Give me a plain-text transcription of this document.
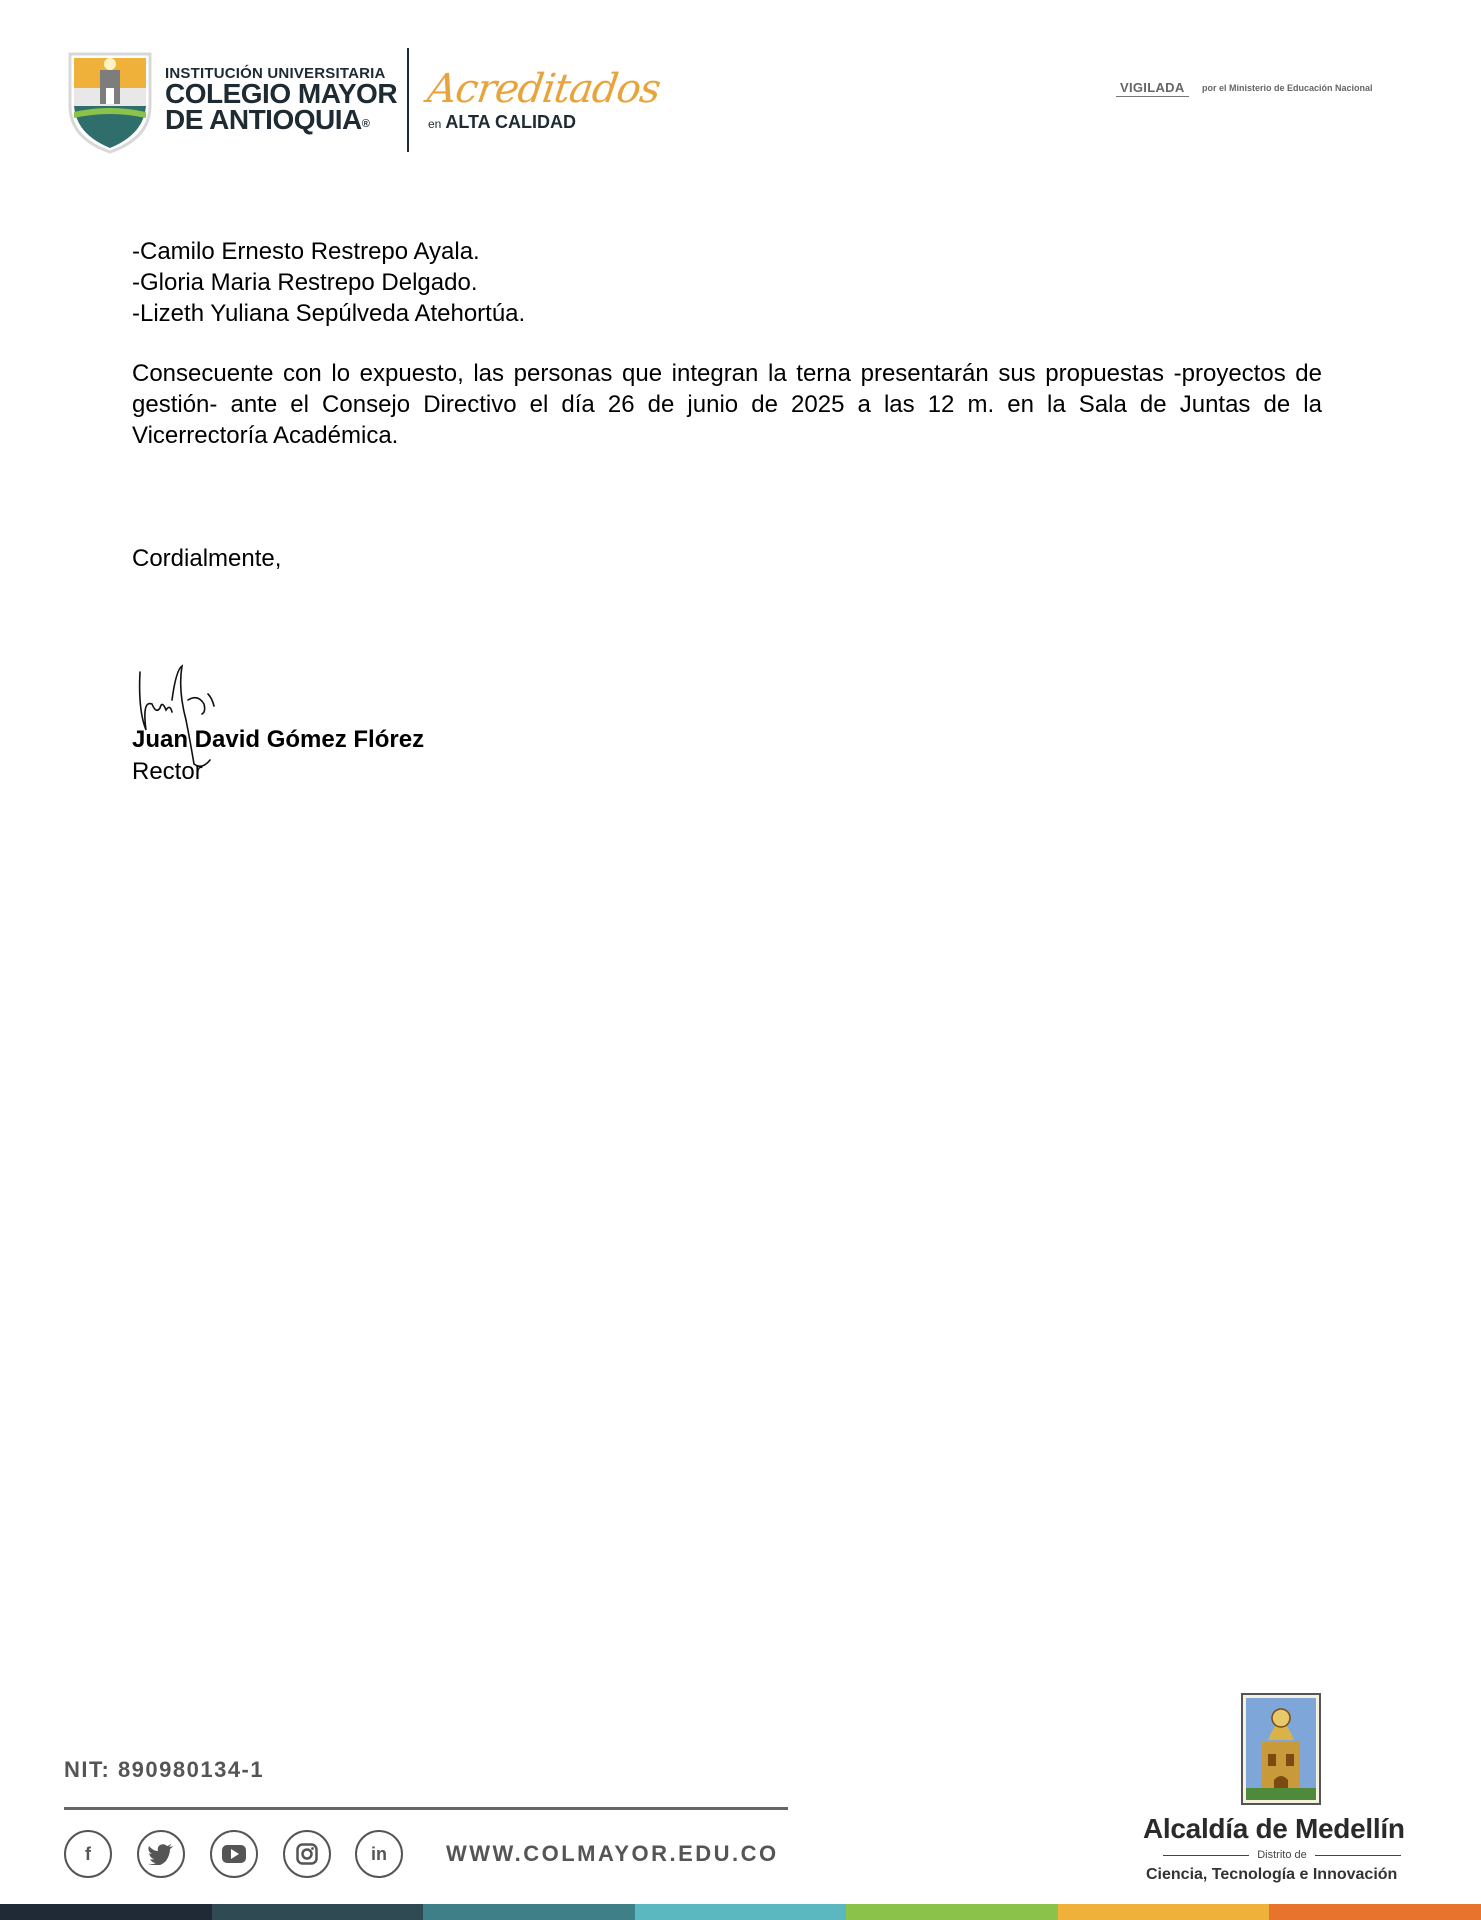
INSTITUCIÓN UNIVERSITARIA
COLEGIO MAYOR
DE ANTIOQUIA®
Acreditados
en ALTA CALIDAD
VIGILADA	por el Ministerio de Educación Nacional
-Camilo Ernesto Restrepo Ayala.
-Gloria Maria Restrepo Delgado.
-Lizeth Yuliana Sepúlveda Atehortúa.
Consecuente con lo expuesto, las personas que integran la terna presentarán sus propuestas -proyectos de gestión- ante el Consejo Directivo el día 26 de junio de 2025 a las 12 m. en la Sala de Juntas de la Vicerrectoría Académica.
Cordialmente,
Juan David Gómez Flórez
Rector
NIT: 890980134-1
f	in	WWW.COLMAYOR.EDU.CO
Alcaldía de Medellín
Distrito de
Ciencia, Tecnología e Innovación
